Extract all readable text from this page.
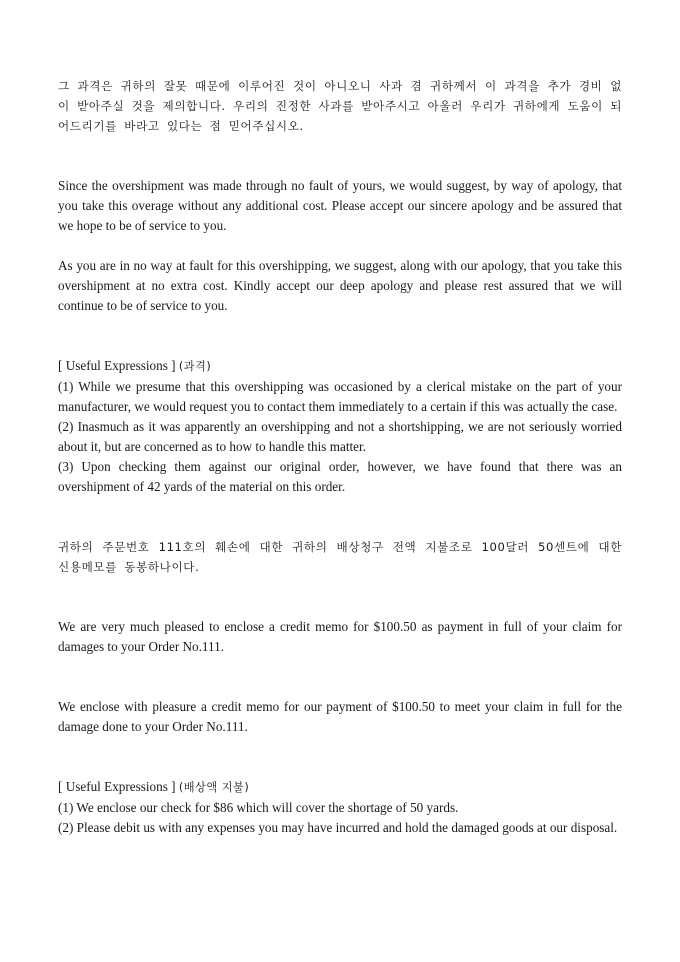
그 과격은 귀하의 잘못 때문에 이루어진 것이 아니오니 사과 겸 귀하께서 이 과격을 추가 경비 없이 받아주실 것을 제의합니다. 우리의 진정한 사과를 받아주시고 아울러 우리가 귀하에게 도움이 되어드리기를 바라고 있다는 점 믿어주십시오.

Since the overshipment was made through no fault of yours, we would suggest, by way of apology, that you take this overage without any additional cost. Please accept our sincere apology and be assured that we hope to be of service to you.

As you are in no way at fault for this overshipping, we suggest, along with our apology, that you take this overshipment at no extra cost. Kindly accept our deep apology and please rest assured that we will continue to be of service to you.

[ Useful Expressions ] (과격)

(1) While we presume that this overshipping was occasioned by a clerical mistake on the part of your manufacturer, we would request you to contact them immediately to a certain if this was actually the case.

(2) Inasmuch as it was apparently an overshipping and not a shortshipping, we are not seriously worried about it, but are concerned as to how to handle this matter.

(3) Upon checking them against our original order, however, we have found that there was an overshipment of 42 yards of the material on this order.

귀하의 주문번호 111호의 훼손에 대한 귀하의 배상청구 전액 지불조로 100달러 50센트에 대한 신용메모를 동봉하나이다.

We are very much pleased to enclose a credit memo for $100.50 as payment in full of your claim for damages to your Order No.111.

We enclose with pleasure a credit memo for our payment of $100.50 to meet your claim in full for the damage done to your Order No.111.

[ Useful Expressions ] (배상액 지불)

(1) We enclose our check for $86 which will cover the shortage of 50 yards.

(2) Please debit us with any expenses you may have incurred and hold the damaged goods at our disposal.
